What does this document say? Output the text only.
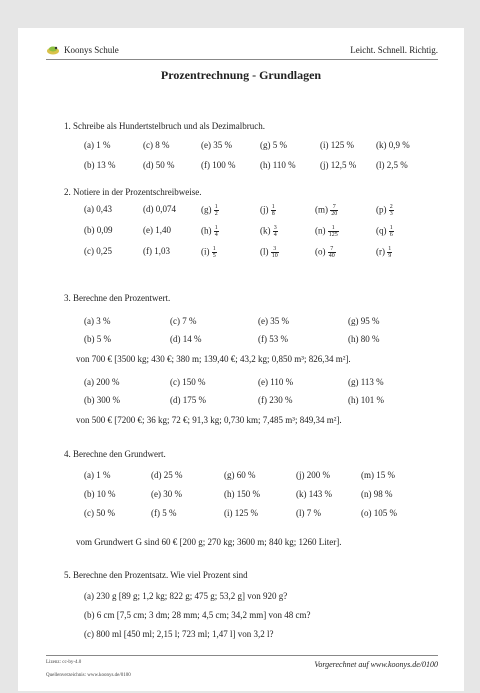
Koonys Schule	Leicht. Schnell. Richtig.
Prozentrechnung - Grundlagen
1. Schreibe als Hundertstelbruch und als Dezimalbruch.
(a) 1 %	(c) 8 %	(e) 35 %	(g) 5 %	(i) 125 % (k) 0,9 %
(b) 13 %	(d) 50 %	(f) 100 %	(h) 110 %	(j) 12,5 % (l) 2,5 %
2. Notiere in der Prozentschreibweise.
(a) 0,43	(d) 0,074	$(g) \frac{1}{2}$	$(j) \frac{1}{8}$	$(m) \frac{7}{20}$	$(p) \frac{2}{3}$
(b) 0,09	(e) 1,40	$(h) \frac{1}{4}$	$(k) \frac{3}{4}$	$(n) \frac{1}{125}$	$(q) \frac{1}{6}$
(c) 0,25	(f) 1,03	$(i) \frac{1}{5}$	$(l) \frac{3}{10}$	$(o) \frac{7}{40}$	$(r) \frac{1}{9}$
3. Berechne den Prozentwert.
(a) 3 %	(c) 7 %	(e) 35 %	(g) 95 %
(b) 5 %	(d) 14 %	(f) 53 %	(h) 80 %
von 700 € [3500 kg; 430 €; 380 m; 139,40 €; 43,2 kg; 0,850 m³; 826,34 m²].
(a) 200 %	(c) 150 %	(e) 110 %	(g) 113 %
(b) 300 %	(d) 175 %	(f) 230 %	(h) 101 %
von 500 € [7200 €; 36 kg; 72 €; 91,3 kg; 0,730 km; 7,485 m³; 849,34 m²].
4. Berechne den Grundwert.
(a) 1 %	(d) 25 %	(g) 60 %	(j) 200 %	(m) 15 %
(b) 10 %	(e) 30 %	(h) 150 %	(k) 143 %	(n) 98 %
(c) 50 %	(f) 5 %	(i) 125 %	(l) 7 %	(o) 105 %
vom Grundwert G sind 60 € [200 g; 270 kg; 3600 m; 840 kg; 1260 Liter].
5. Berechne den Prozentsatz. Wie viel Prozent sind
(a) 230 g [89 g; 1,2 kg; 822 g; 475 g; 53,2 g] von 920 g?
(b) 6 cm [7,5 cm; 3 dm; 28 mm; 4,5 cm; 34,2 mm] von 48 cm?
(c) 800 ml [450 ml; 2,15 l; 723 ml; 1,47 l] von 3,2 l?
Lizenz: cc-by-4.0
Quellenverzeichnis: www.koonys.de/0100
Vorgerechnet auf www.koonys.de/0100
